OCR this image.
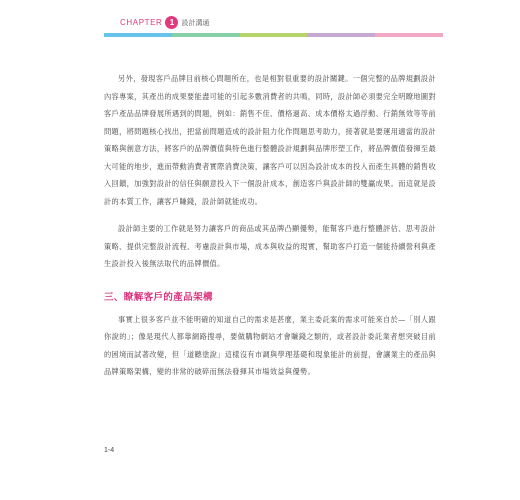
CHAPTER 1	設計溝通

另外，發現客戶品牌目前核心問題所在，也是相對很重要的設計關鍵。一個完整的品牌規劃設計內容專案，其產出的成果要能盡可能的引起多數消費者的共鳴，同時，設計師必須要完全明瞭地圖對客戶產品品牌發展所遇到的問題，例如：銷售不佳、價格過高、成本價格太過浮動、行銷無效等等前問題，將問題核心找出，把當前問題造成的設計阻力化作問題思考助力，接著就是要運用適當的設計策略與創意方法，將客戶的品牌價值與特色進行整體設計規劃與品牌形塑工作，將品牌價值發揮至最大可能的地步，進而帶動消費者實際消費決策，讓客戶可以因為設計成本的投入而產生具體的銷售收入回饋，加強對設計的信任與願意投入下一個設計成本，創造客戶與設計師的雙贏成果。而這就是設計的本質工作，讓客戶賺錢，設計師就能成功。

設計師主要的工作就是努力讓客戶的商品或其品牌凸顯優勢，能幫客戶進行整體評估、思考設計策略、提供完整設計流程、考慮設計與市場，成本與收益的現實，幫助客戶打造一個能持續營利與產生設計投入後無法取代的品牌價值。

三、瞭解客戶的產品架構

事實上很多客戶並不能明確的知道自己的需求是甚麼，業主委託案的需求可能來自於—「別人跟你說的」；像是現代人都靠網路搜尋，要做購物網站才會賺錢之類的，或者設計委託業者想突破目前的困境而試著改變，但「道聽塗說」這樣沒有市調與學理基礎和現象能計的前提，會讓業主的產品與品牌策略架構，變的非常的破碎而無法發揮其市場效益與優勢。

1-4
